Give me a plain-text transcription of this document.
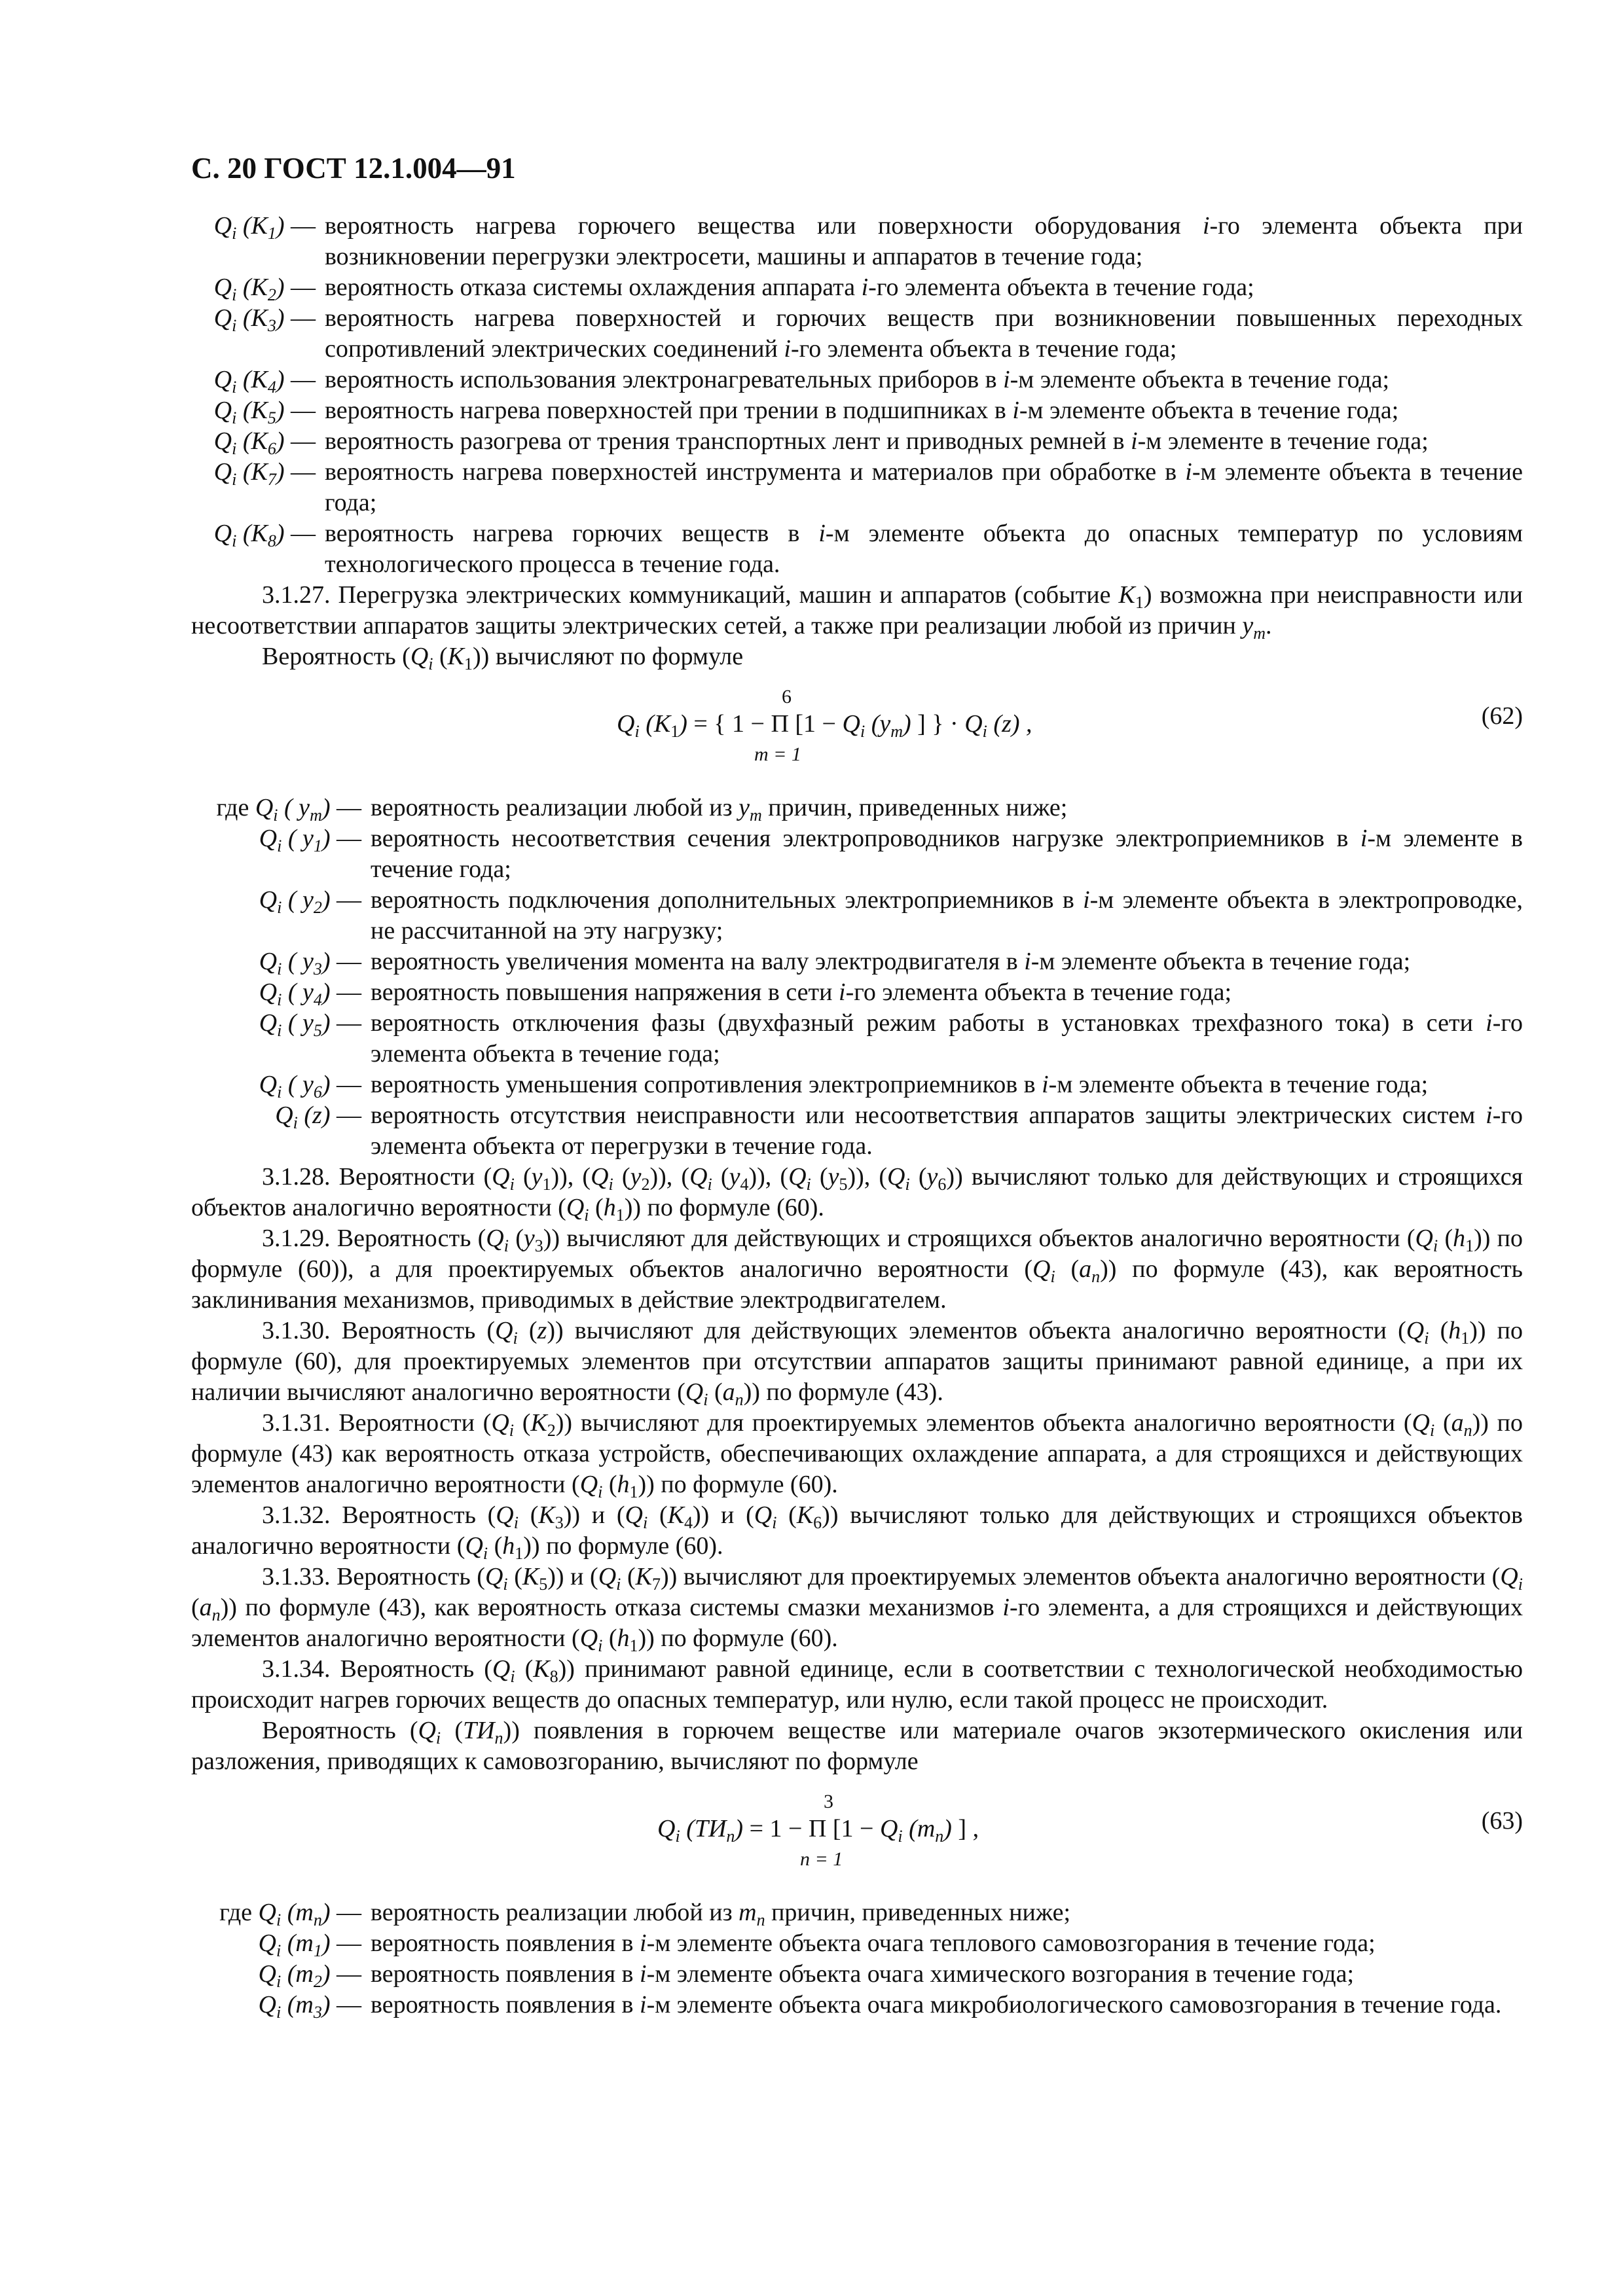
С. 20 ГОСТ 12.1.004—91
$Q_i$ $(K_1)$ — вероятность нагрева горючего вещества или поверхности оборудования i-го элемента объекта при возникновении перегрузки электросети, машины и аппаратов в течение года;
$Q_i$ $(K_2)$ — вероятность отказа системы охлаждения аппарата i-го элемента объекта в течение года;
$Q_i$ $(K_3)$ — вероятность нагрева поверхностей и горючих веществ при возникновении повышенных переходных сопротивлений электрических соединений i-го элемента объекта в течение года;
$Q_i$ $(K_4)$ — вероятность использования электронагревательных приборов в i-м элементе объекта в течение года;
$Q_i$ $(K_5)$ — вероятность нагрева поверхностей при трении в подшипниках в i-м элементе объекта в течение года;
$Q_i$ $(K_6)$ — вероятность разогрева от трения транспортных лент и приводных ремней в i-м элементе в течение года;
$Q_i$ $(K_7)$ — вероятность нагрева поверхностей инструмента и материалов при обработке в i-м элементе объекта в течение года;
$Q_i$ $(K_8)$ — вероятность нагрева горючих веществ в i-м элементе объекта до опасных температур по условиям технологического процесса в течение года.

3.1.27. Перегрузка электрических коммуникаций, машин и аппаратов (событие $K_1$) возможна при неисправности или несоответствии аппаратов защиты электрических сетей, а также при реализации любой из причин $y_m$.

Вероятность ($Q_i$ $(K_1)$) вычисляют по формуле

$Q_i$ $(K_1)$ = { 1 − Π [$1 - Q_i$ $(y_m)$ ] } · $Q_i$ (z) ,
6
m = 1
(62)
где $Q_i$ ( $y_m$) — вероятность реализации любой из $y_m$ причин, приведенных ниже;
$Q_i$ ( $y_1$) — вероятность несоответствия сечения электропроводников нагрузке электроприемников в i-м элементе в течение года;
$Q_i$ ( $y_2$) — вероятность подключения дополнительных электроприемников в i-м элементе объекта в электропроводке, не рассчитанной на эту нагрузку;
$Q_i$ ( $y_3$) — вероятность увеличения момента на валу электродвигателя в i-м элементе объекта в течение года;
$Q_i$ ( $y_4$) — вероятность повышения напряжения в сети i-го элемента объекта в течение года;
$Q_i$ ( $y_5$) — вероятность отключения фазы (двухфазный режим работы в установках трехфазного тока) в сети i-го элемента объекта в течение года;
$Q_i$ ( $y_6$) — вероятность уменьшения сопротивления электроприемников в i-м элементе объекта в течение года;
$Q_i$ (z) — вероятность отсутствия неисправности или несоответствия аппаратов защиты электрических систем i-го элемента объекта от перегрузки в течение года.

3.1.28. Вероятности ($Q_i$ $(y_1)$), ($Q_i$ $(y_2)$), ($Q_i$ $(y_4)$), ($Q_i$ $(y_5)$), ($Q_i$ $(y_6)$) вычисляют только для действующих и строящихся объектов аналогично вероятности ($Q_i$ $(h_1)$) по формуле (60).

3.1.29. Вероятность ($Q_i$ $(y_3)$) вычисляют для действующих и строящихся объектов аналогично вероятности ($Q_i$ $(h_1)$) по формуле (60)), а для проектируемых объектов аналогично вероятности ($Q_i$ $(a_n)$) по формуле (43), как вероятность заклинивания механизмов, приводимых в действие электродвигателем.

3.1.30. Вероятность ($Q_i$ (z)) вычисляют для действующих элементов объекта аналогично вероятности ($Q_i$ $(h_1)$) по формуле (60), для проектируемых элементов при отсутствии аппаратов защиты принимают равной единице, а при их наличии вычисляют аналогично вероятности ($Q_i$ $(a_n)$) по формуле (43).

3.1.31. Вероятности ($Q_i$ $(K_2)$) вычисляют для проектируемых элементов объекта аналогично вероятности ($Q_i$ $(a_n)$) по формуле (43) как вероятность отказа устройств, обеспечивающих охлаждение аппарата, а для строящихся и действующих элементов аналогично вероятности ($Q_i$ $(h_1)$) по формуле (60).

3.1.32. Вероятность ($Q_i$ $(K_3)$) и ($Q_i$ $(K_4)$) и ($Q_i$ $(K_6)$) вычисляют только для действующих и строящихся объектов аналогично вероятности ($Q_i$ $(h_1)$) по формуле (60).

3.1.33. Вероятность ($Q_i$ $(K_5)$) и ($Q_i$ $(K_7)$) вычисляют для проектируемых элементов объекта аналогично вероятности ($Q_i$ $(a_n)$) по формуле (43), как вероятность отказа системы смазки механизмов i-го элемента, а для строящихся и действующих элементов аналогично вероятности ($Q_i$ $(h_1)$) по формуле (60).

3.1.34. Вероятность ($Q_i$ $(K_8)$) принимают равной единице, если в соответствии с технологической необходимостью происходит нагрев горючих веществ до опасных температур, или нулю, если такой процесс не происходит.

Вероятность ($Q_i$ $(ТИ_n)$) появления в горючем веществе или материале очагов экзотермического окисления или разложения, приводящих к самовозгоранию, вычисляют по формуле

$Q_i$ $(ТИ_n) = 1 - \Pi$ [$1 - Q_i$ $(m_n)$ ] ,
3
n = 1
(63)
где $Q_i$ $(m_n)$ — вероятность реализации любой из $m_n$ причин, приведенных ниже;
$Q_i$ $(m_1)$ — вероятность появления в i-м элементе объекта очага теплового самовозгорания в течение года;
$Q_i$ $(m_2)$ — вероятность появления в i-м элементе объекта очага химического возгорания в течение года;
$Q_i$ $(m_3)$ — вероятность появления в i-м элементе объекта очага микробиологического самовозгорания в течение года.
